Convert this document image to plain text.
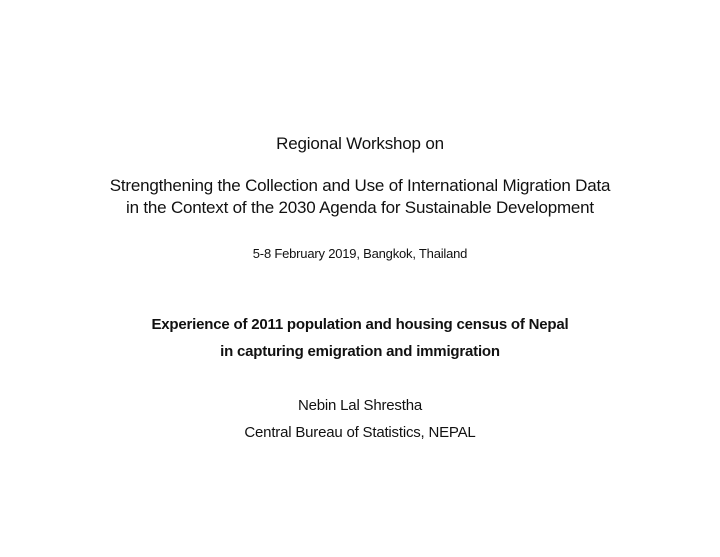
Regional Workshop on
Strengthening the Collection and Use of International Migration Data
in the Context of the 2030 Agenda for Sustainable Development
5-8 February 2019, Bangkok, Thailand
Experience of 2011 population and housing census of Nepal
in capturing emigration and immigration
Nebin Lal Shrestha
Central Bureau of Statistics, NEPAL
